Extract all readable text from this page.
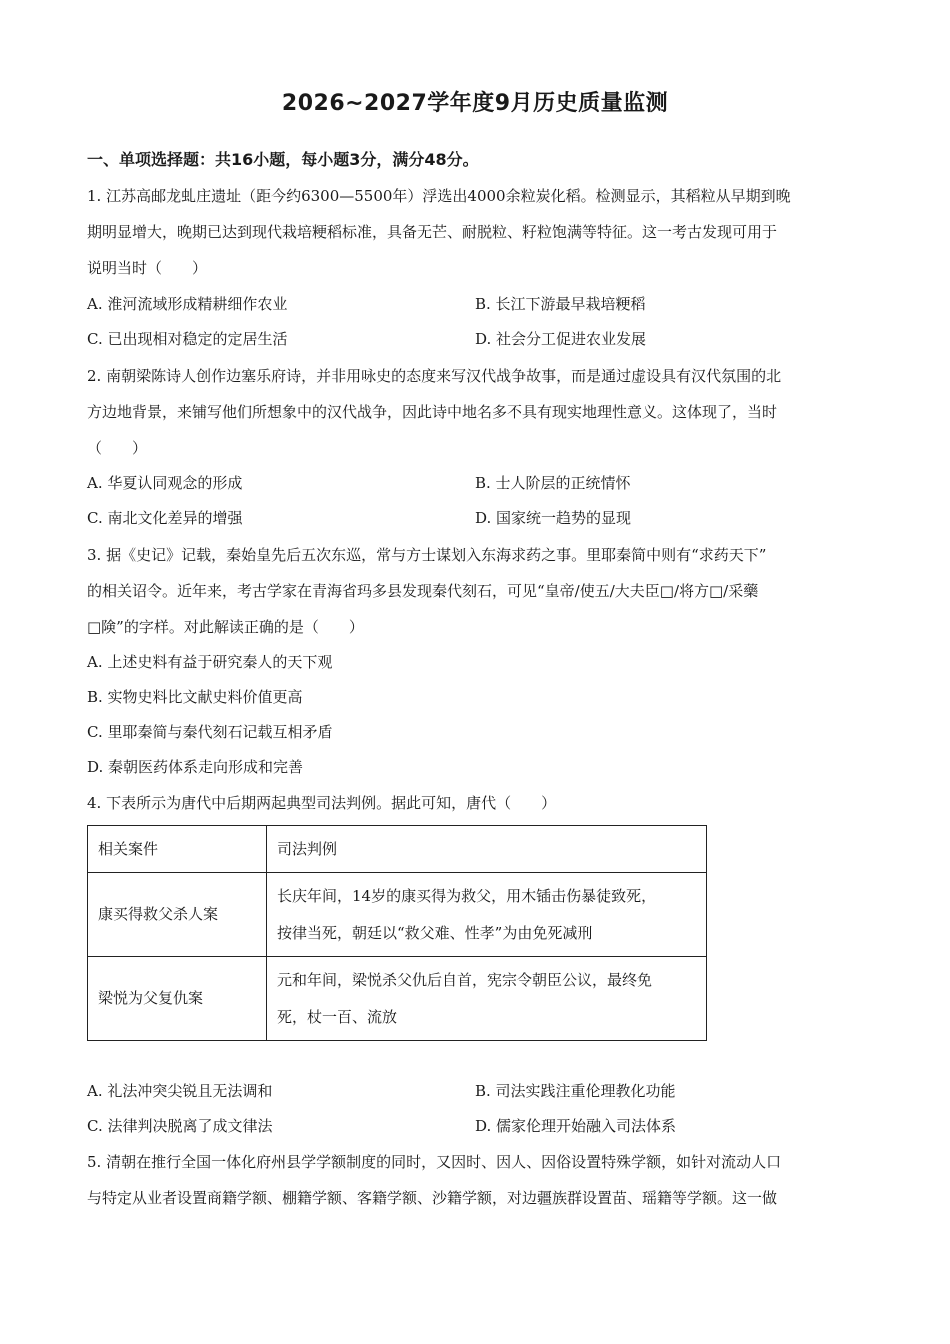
2026~2027学年度9月历史质量监测
一、单项选择题：共16小题，每小题3分，满分48分。
1. 江苏高邮龙虬庄遗址（距今约6300—5500年）浮选出4000余粒炭化稻。检测显示，其稻粒从早期到晚
期明显增大，晚期已达到现代栽培粳稻标准，具备无芒、耐脱粒、籽粒饱满等特征。这一考古发现可用于
说明当时（　　）
A. 淮河流域形成精耕细作农业	B. 长江下游最早栽培粳稻
C. 已出现相对稳定的定居生活	D. 社会分工促进农业发展
2. 南朝梁陈诗人创作边塞乐府诗，并非用咏史的态度来写汉代战争故事，而是通过虚设具有汉代氛围的北
方边地背景，来铺写他们所想象中的汉代战争，因此诗中地名多不具有现实地理性意义。这体现了，当时
（　　）
A. 华夏认同观念的形成	B. 士人阶层的正统情怀
C. 南北文化差异的增强	D. 国家统一趋势的显现
3. 据《史记》记载，秦始皇先后五次东巡，常与方士谋划入东海求药之事。里耶秦简中则有“求药天下”
的相关诏令。近年来，考古学家在青海省玛多县发现秦代刻石，可见“皇帝/使五/大夫臣□/将方□/采藥
□険”的字样。对此解读正确的是（　　）
A. 上述史料有益于研究秦人的天下观
B. 实物史料比文献史料价值更高
C. 里耶秦简与秦代刻石记载互相矛盾
D. 秦朝医药体系走向形成和完善
4. 下表所示为唐代中后期两起典型司法判例。据此可知，唐代（　　）
相关案件	司法判例
康买得救父杀人案	长庆年间，14岁的康买得为救父，用木锸击伤暴徒致死，
按律当死，朝廷以“救父难、性孝”为由免死减刑

梁悦为父复仇案	元和年间，梁悦杀父仇后自首，宪宗令朝臣公议，最终免
死，杖一百、流放
A. 礼法冲突尖锐且无法调和	B. 司法实践注重伦理教化功能
C. 法律判决脱离了成文律法	D. 儒家伦理开始融入司法体系
5. 清朝在推行全国一体化府州县学学额制度的同时，又因时、因人、因俗设置特殊学额，如针对流动人口
与特定从业者设置商籍学额、棚籍学额、客籍学额、沙籍学额，对边疆族群设置苗、瑶籍等学额。这一做
